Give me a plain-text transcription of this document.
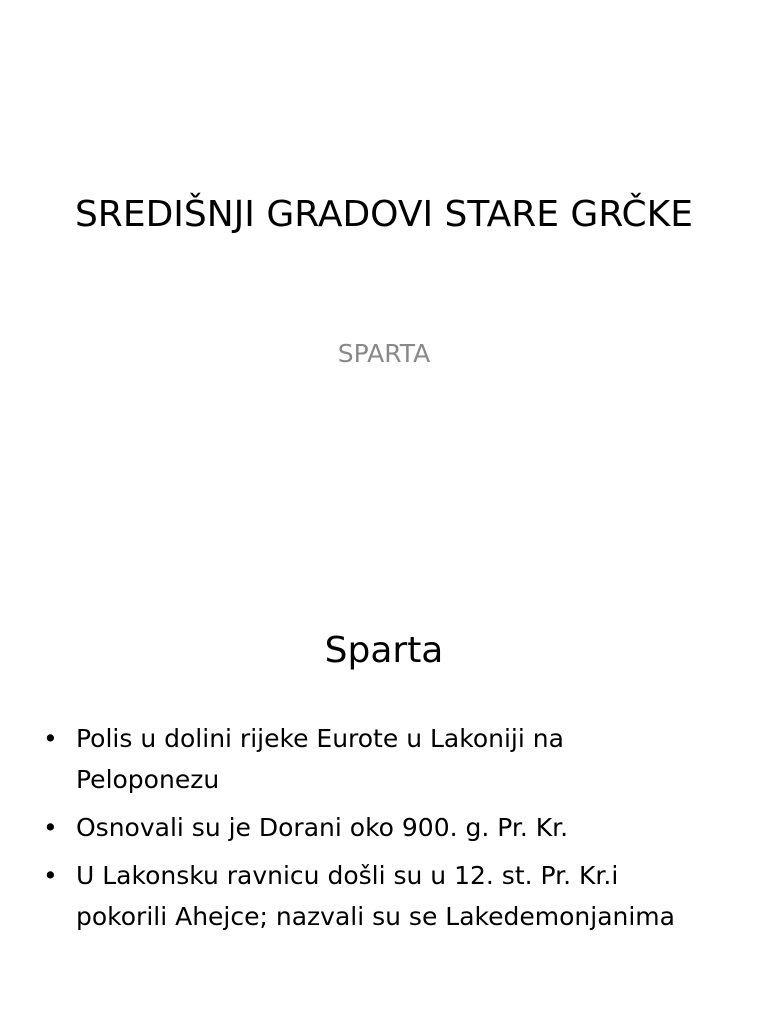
SREDIŠNJI GRADOVI STARE GRČKE

SPARTA

Sparta
• Polis u dolini rijeke Eurote u Lakoniji na Peloponezu
• Osnovali su je Dorani oko 900. g. Pr. Kr.
• U Lakonsku ravnicu došli su u 12. st. Pr. Kr.i pokorili Ahejce; nazvali su se Lakedemonjanima
